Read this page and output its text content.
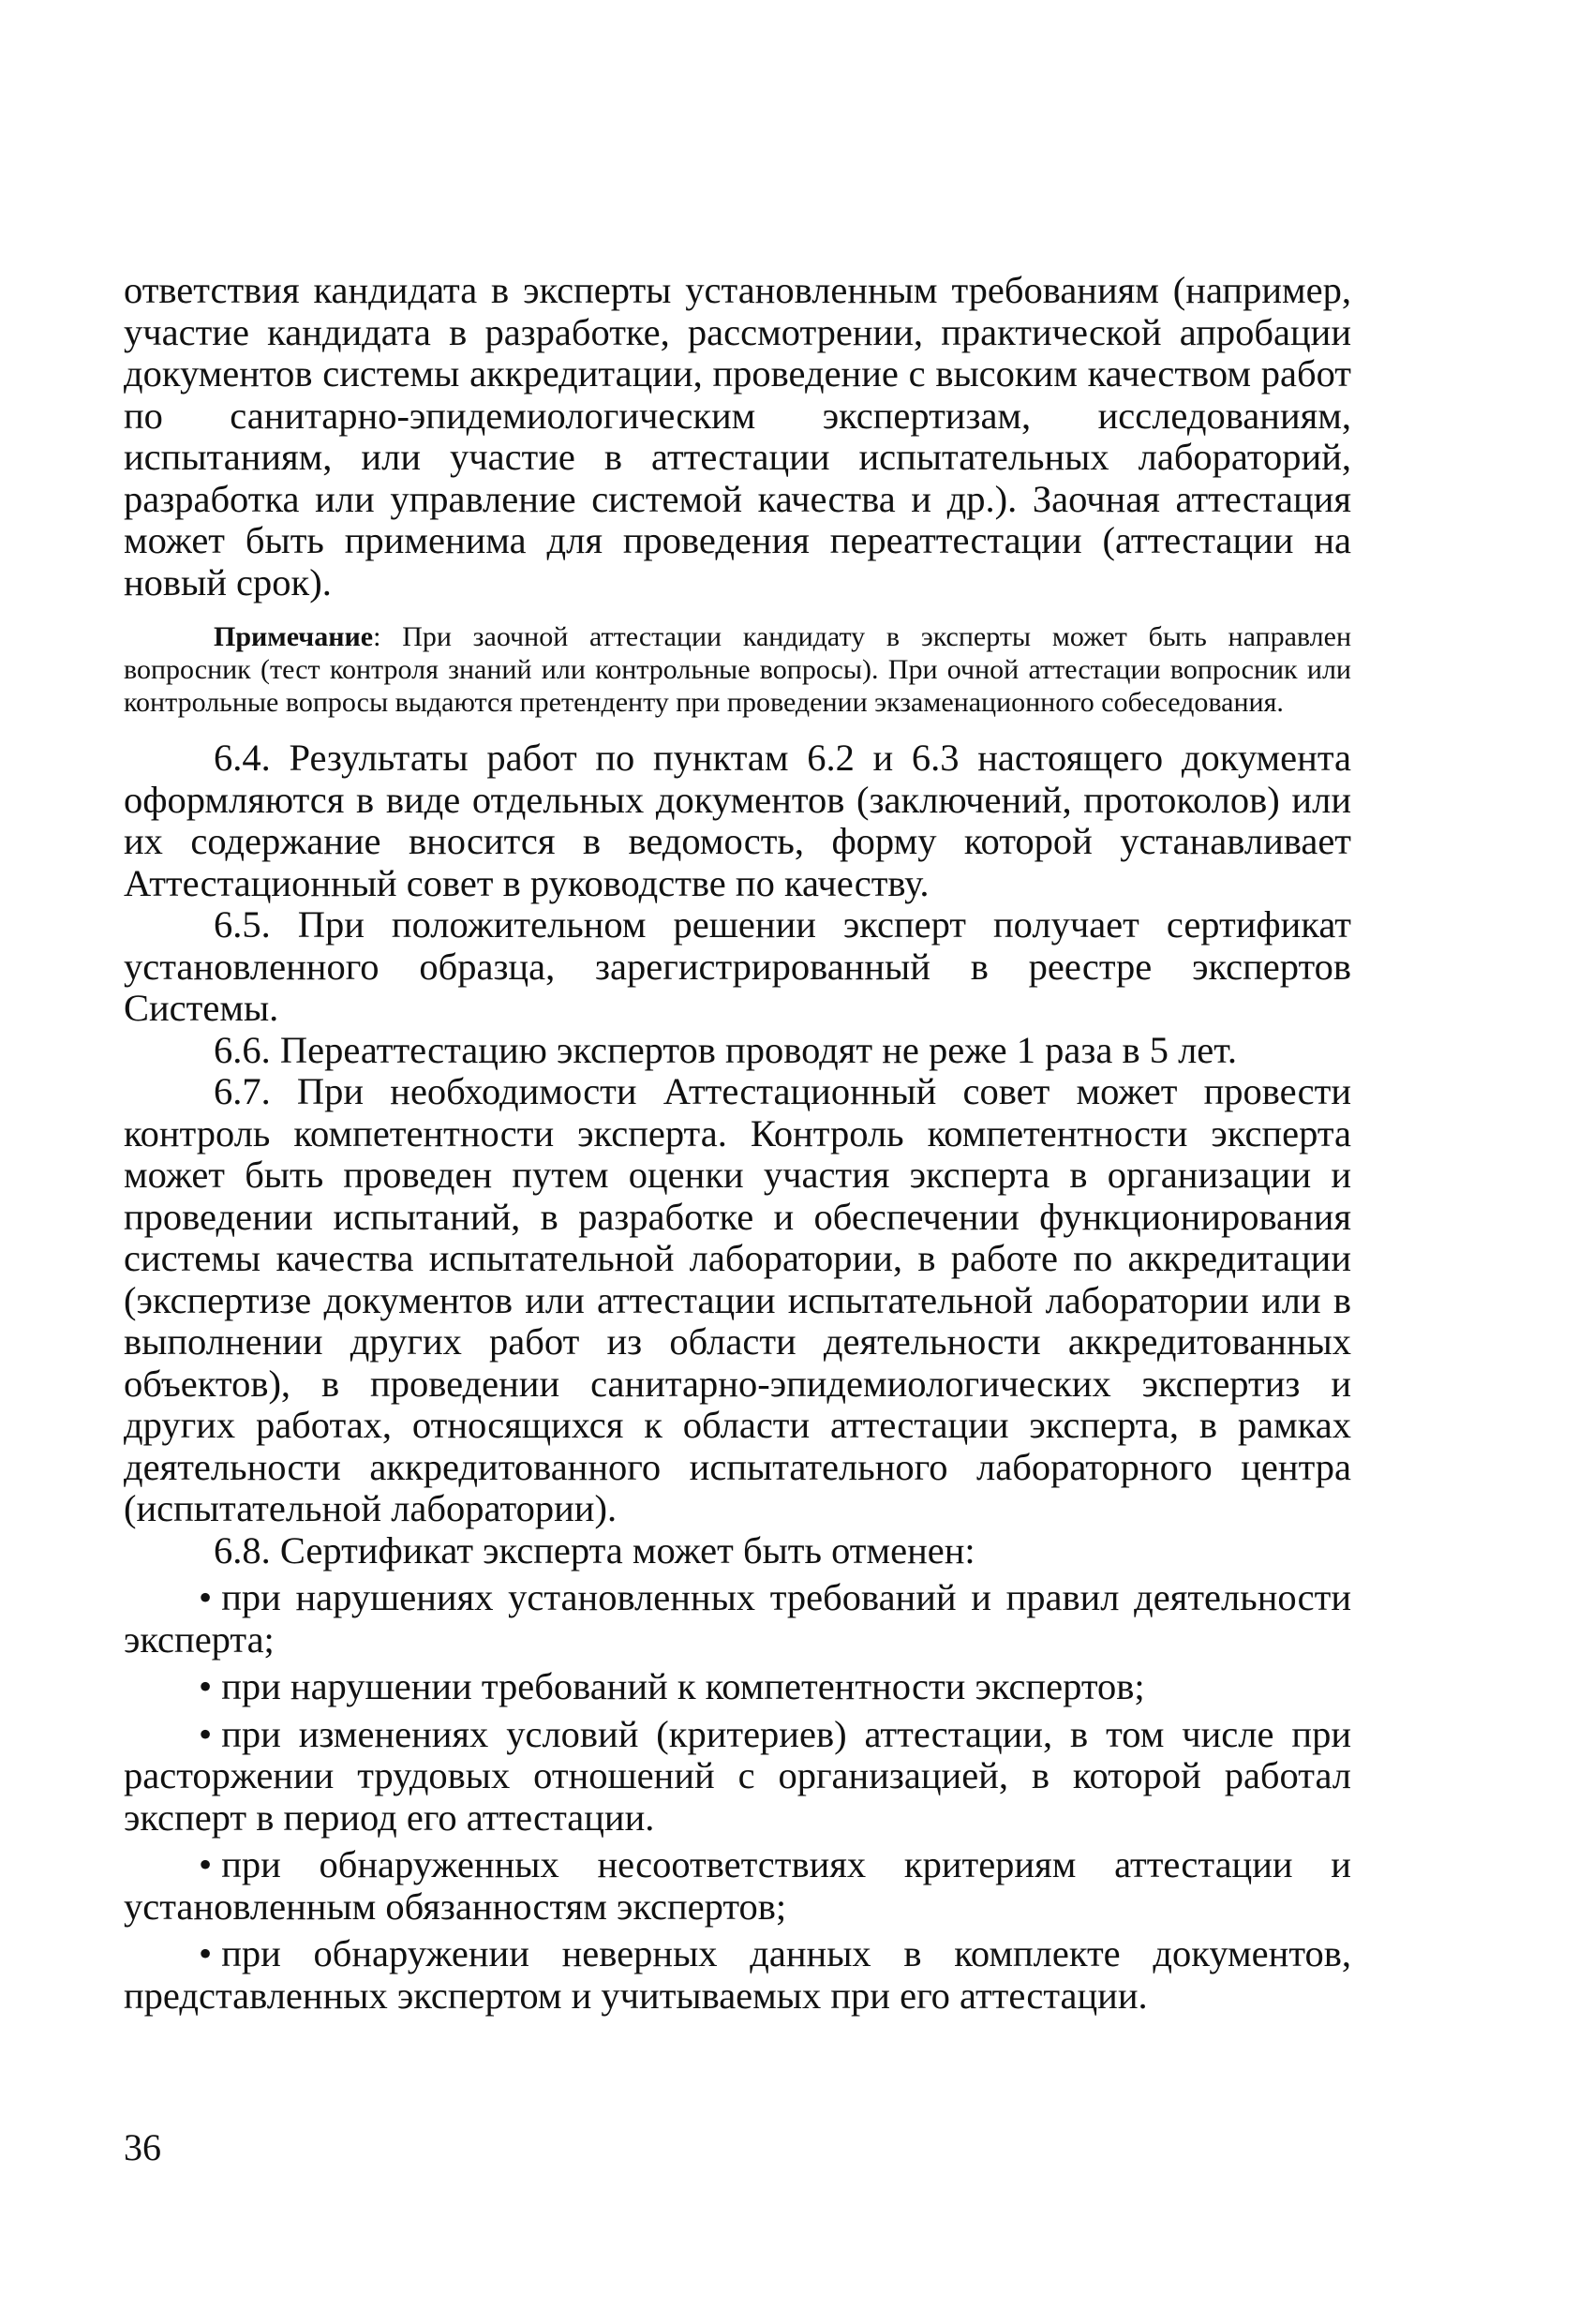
ответствия кандидата в эксперты установленным требованиям (например, участие кандидата в разработке, рассмотрении, практической апробации документов системы аккредитации, проведение с высоким качеством работ по санитарно-эпидемиологическим экспертизам, исследованиям, испытаниям, или участие в аттестации испытательных лабораторий, разработка или управление системой качества и др.). Заочная аттестация может быть применима для проведения переаттестации (аттестации на новый срок).

Примечание: При заочной аттестации кандидату в эксперты может быть направлен вопросник (тест контроля знаний или контрольные вопросы). При очной аттестации вопросник или контрольные вопросы выдаются претенденту при проведении экзаменационного собеседования.

6.4. Результаты работ по пунктам 6.2 и 6.3 настоящего документа оформляются в виде отдельных документов (заключений, протоколов) или их содержание вносится в ведомость, форму которой устанавливает Аттестационный совет в руководстве по качеству.

6.5. При положительном решении эксперт получает сертификат установленного образца, зарегистрированный в реестре экспертов Системы.

6.6. Переаттестацию экспертов проводят не реже 1 раза в 5 лет.

6.7. При необходимости Аттестационный совет может провести контроль компетентности эксперта. Контроль компетентности эксперта может быть проведен путем оценки участия эксперта в организации и проведении испытаний, в разработке и обеспечении функционирования системы качества испытательной лаборатории, в работе по аккредитации (экспертизе документов или аттестации испытательной лаборатории или в выполнении других работ из области деятельности аккредитованных объектов), в проведении санитарно-эпидемиологических экспертиз и других работах, относящихся к области аттестации эксперта, в рамках деятельности аккредитованного испытательного лабораторного центра (испытательной лаборатории).

6.8. Сертификат эксперта может быть отменен:

• при нарушениях установленных требований и правил деятельности эксперта;

• при нарушении требований к компетентности экспертов;

• при изменениях условий (критериев) аттестации, в том числе при расторжении трудовых отношений с организацией, в которой работал эксперт в период его аттестации.

• при обнаруженных несоответствиях критериям аттестации и установленным обязанностям экспертов;

• при обнаружении неверных данных в комплекте документов, представленных экспертом и учитываемых при его аттестации.

36
